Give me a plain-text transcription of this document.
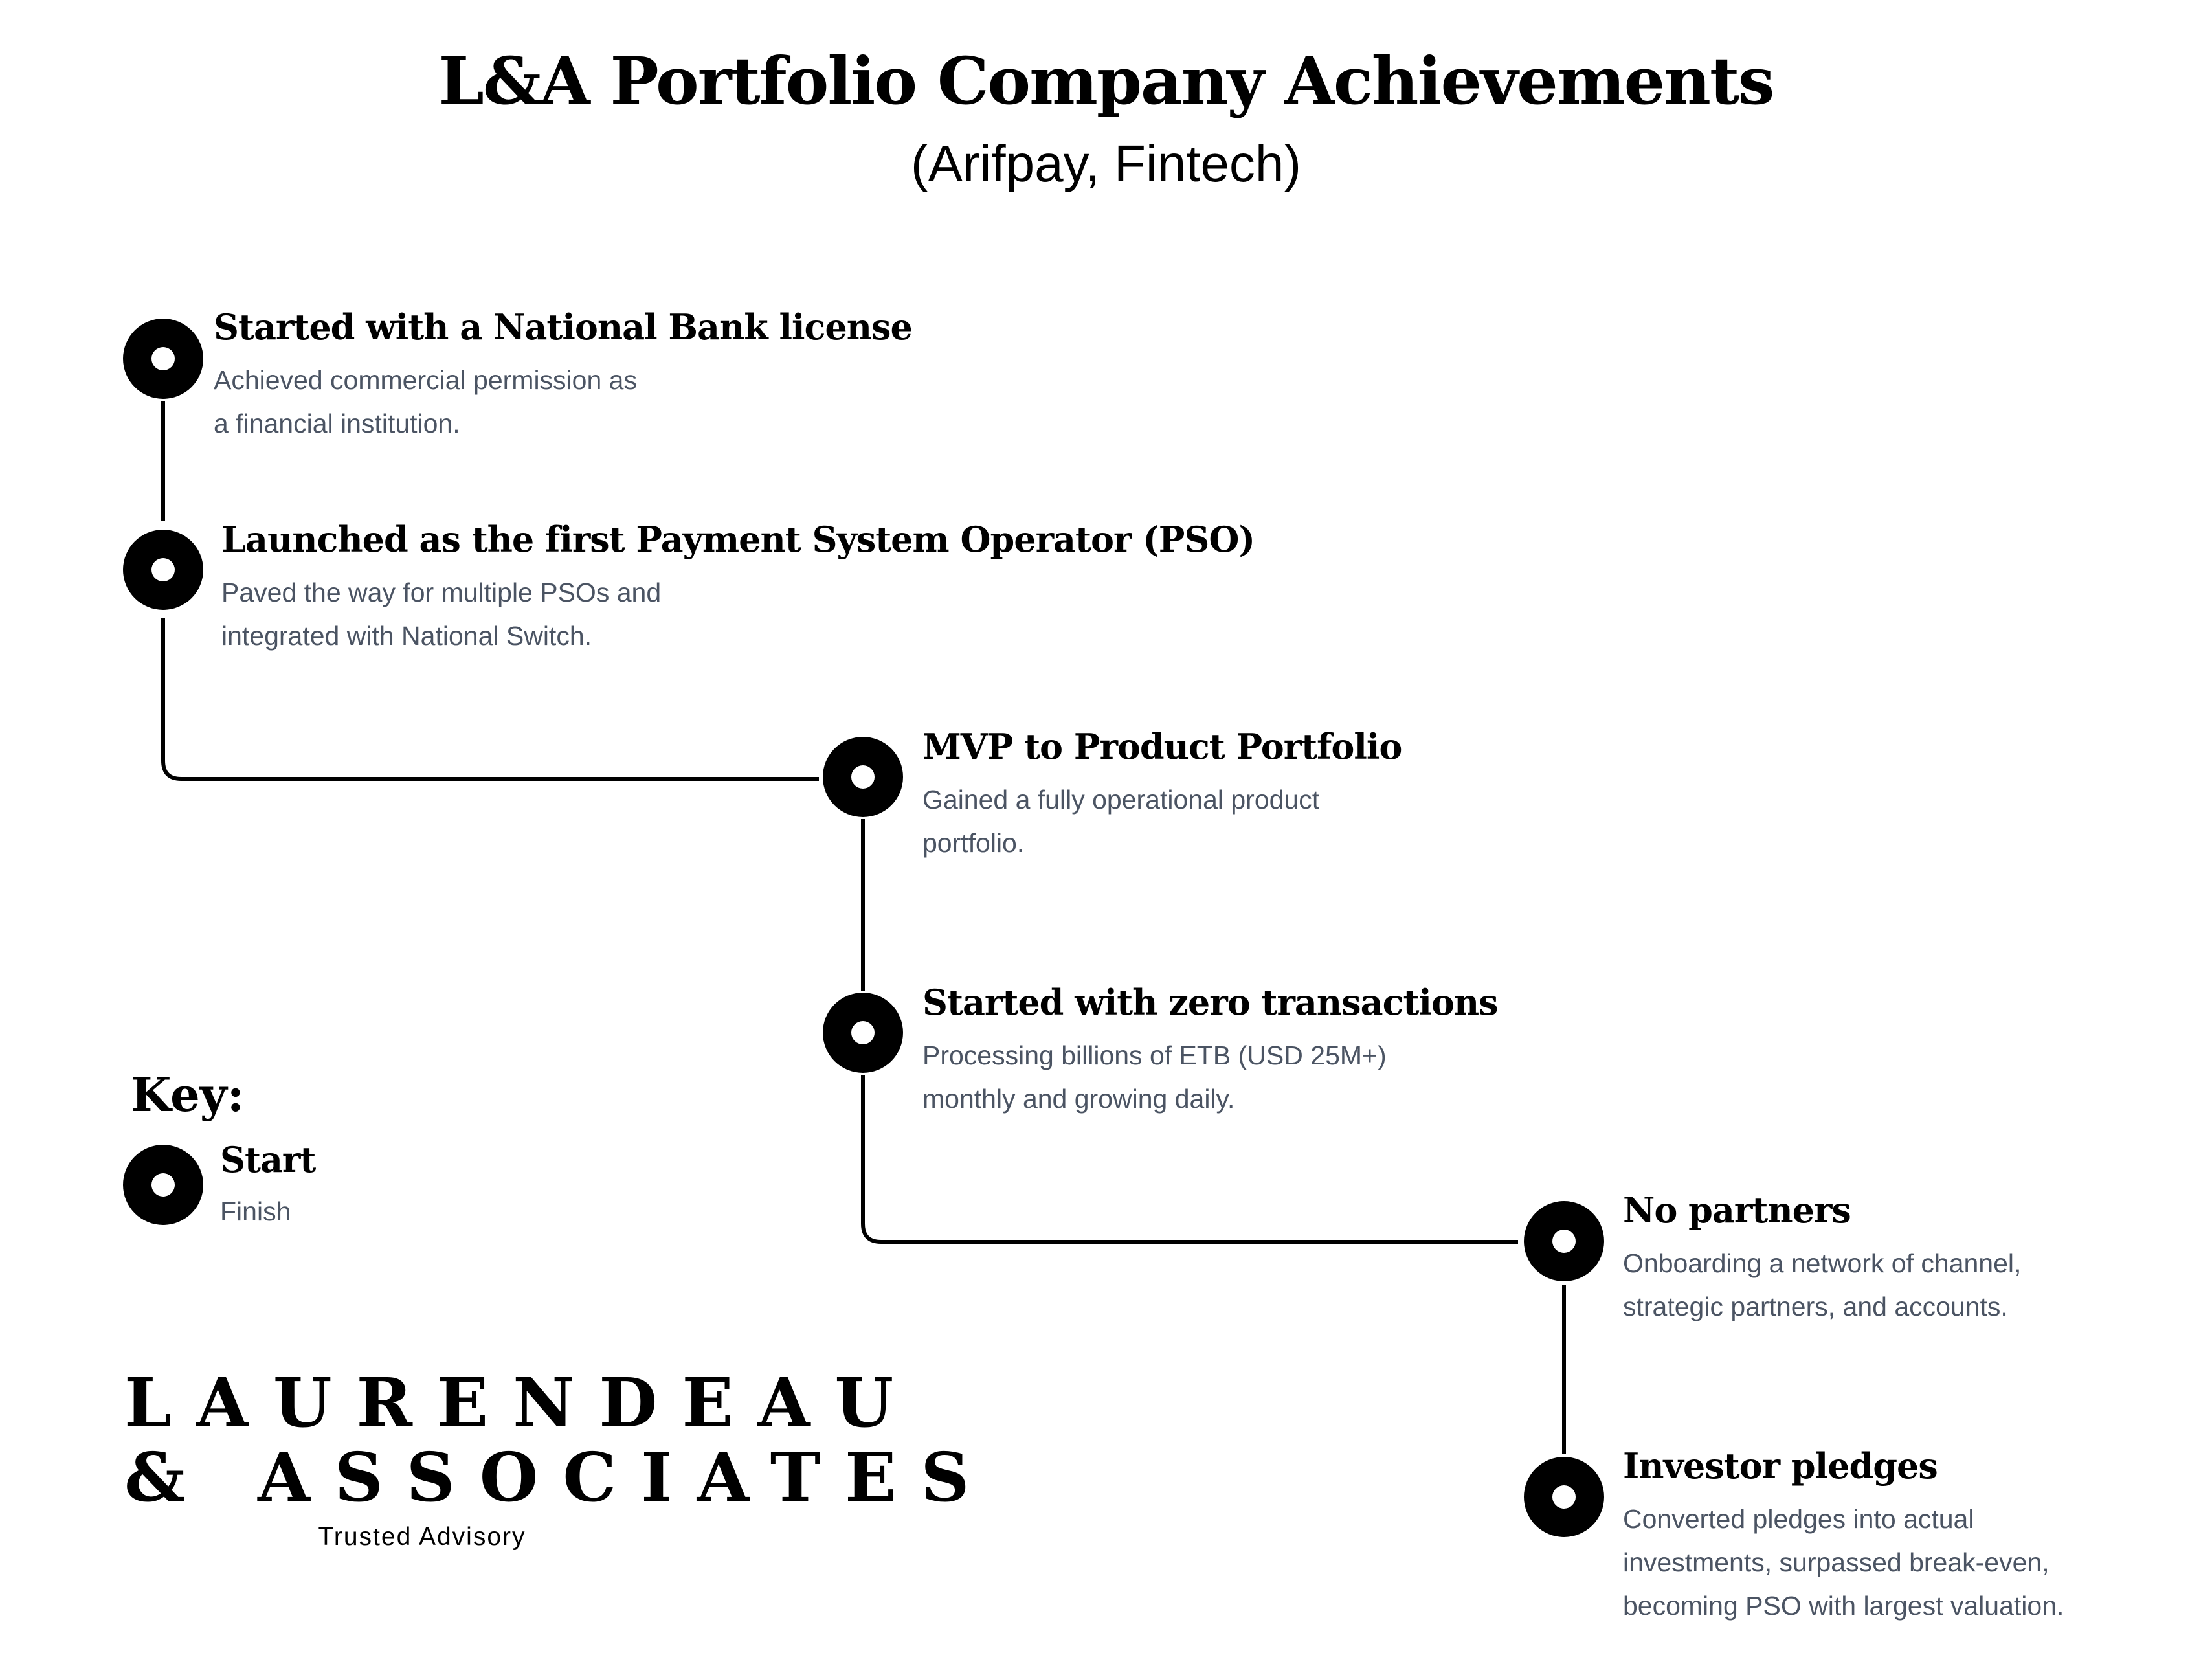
L&A Portfolio Company Achievements
(Arifpay, Fintech)
Started with a National Bank license
Achieved commercial permission as
a financial institution.
Launched as the first Payment System Operator (PSO)
Paved the way for multiple PSOs and
integrated with National Switch.
MVP to Product Portfolio
Gained a fully operational product
portfolio.
Started with zero transactions
Processing billions of ETB (USD 25M+)
monthly and growing daily.
No partners
Onboarding a network of channel,
strategic partners, and accounts.
Investor pledges
Converted pledges into actual
investments, surpassed break-even,
becoming PSO with largest valuation.
Key:
Start
Finish
LAURENDEAU
& ASSOCIATES
Trusted Advisory
